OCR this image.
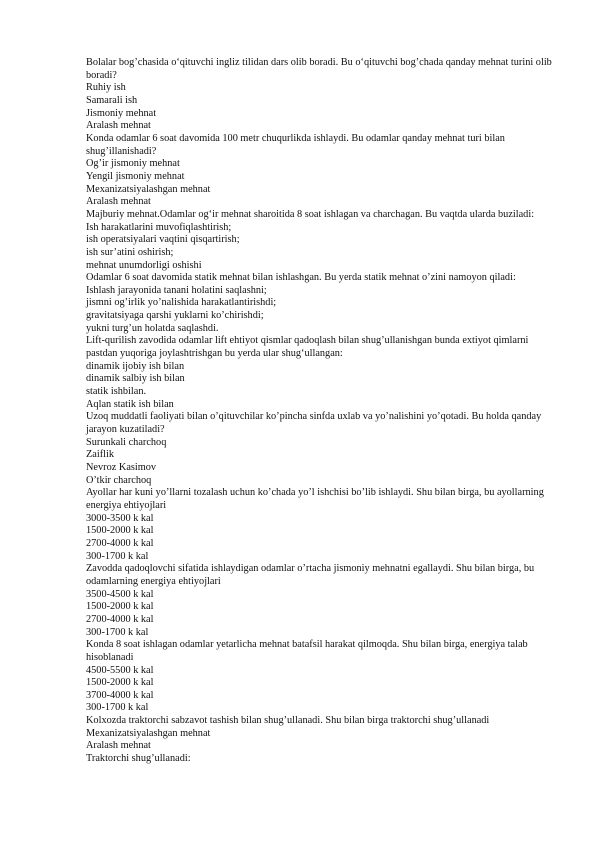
Bolalar bog’chasida o‘qituvchi ingliz tilidan dars olib boradi. Bu o‘qituvchi bog’chada qanday mehnat turini olib boradi?
Ruhiy ish
Samarali ish
Jismoniy mehnat
Aralash mehnat
Konda odamlar 6 soat davomida 100 metr chuqurlikda ishlaydi. Bu odamlar qanday mehnat turi bilan shug’illanishadi?
Og’ir jismoniy mehnat
Yengil jismoniy mehnat
Mexanizatsiyalashgan mehnat
Aralash mehnat
Majburiy mehnat.Odamlar og‘ir mehnat sharoitida 8 soat ishlagan va charchagan. Bu vaqtda ularda buziladi:
Ish harakatlarini muvofiqlashtirish;
ish operatsiyalari vaqtini qisqartirish;
ish sur’atini oshirish;
mehnat unumdorligi oshishi
Odamlar 6 soat davomida statik mehnat bilan ishlashgan. Bu yerda statik mehnat o’zini namoyon qiladi:
Ishlash jarayonida tanani holatini saqlashni;
jismni og’irlik yo’nalishida harakatlantirishdi;
gravitatsiyaga qarshi yuklarni ko’chirishdi;
yukni turg’un holatda saqlashdi.
Lift-qurilish zavodida odamlar lift ehtiyot qismlar qadoqlash bilan shug’ullanishgan bunda extiyot qimlarni pastdan yuqoriga joylashtrishgan bu yerda ular shug‘ullangan:
dinamik ijobiy ish bilan
dinamik salbiy ish bilan
statik ishbilan.
Aqlan statik ish bilan
Uzoq muddatli faoliyati bilan o’qituvchilar ko’pincha sinfda uxlab va yo’nalishini yo’qotadi. Bu holda qanday jarayon kuzatiladi?
Surunkali charchoq
Zaiflik
Nevroz Kasimov
O’tkir charchoq
Ayollar har kuni yo’llarni tozalash uchun ko’chada yo’l ishchisi bo’lib ishlaydi. Shu bilan birga, bu ayollarning energiya ehtiyojlari
3000-3500 k kal
1500-2000 k kal
2700-4000 k kal
300-1700 k kal
Zavodda qadoqlovchi sifatida ishlaydigan odamlar o’rtacha jismoniy mehnatni egallaydi. Shu bilan birga, bu odamlarning energiya ehtiyojlari
3500-4500 k kal
1500-2000 k kal
2700-4000 k kal
300-1700 k kal
Konda 8 soat ishlagan odamlar yetarlicha mehnat batafsil harakat qilmoqda. Shu bilan birga, energiya talab hisoblanadi
4500-5500 k kal
1500-2000 k kal
3700-4000 k kal
300-1700 k kal
Kolxozda traktorchi sabzavot tashish bilan shug’ullanadi. Shu bilan birga traktorchi shug’ullanadi
Mexanizatsiyalashgan mehnat
Aralash mehnat
Traktorchi shug’ullanadi:
